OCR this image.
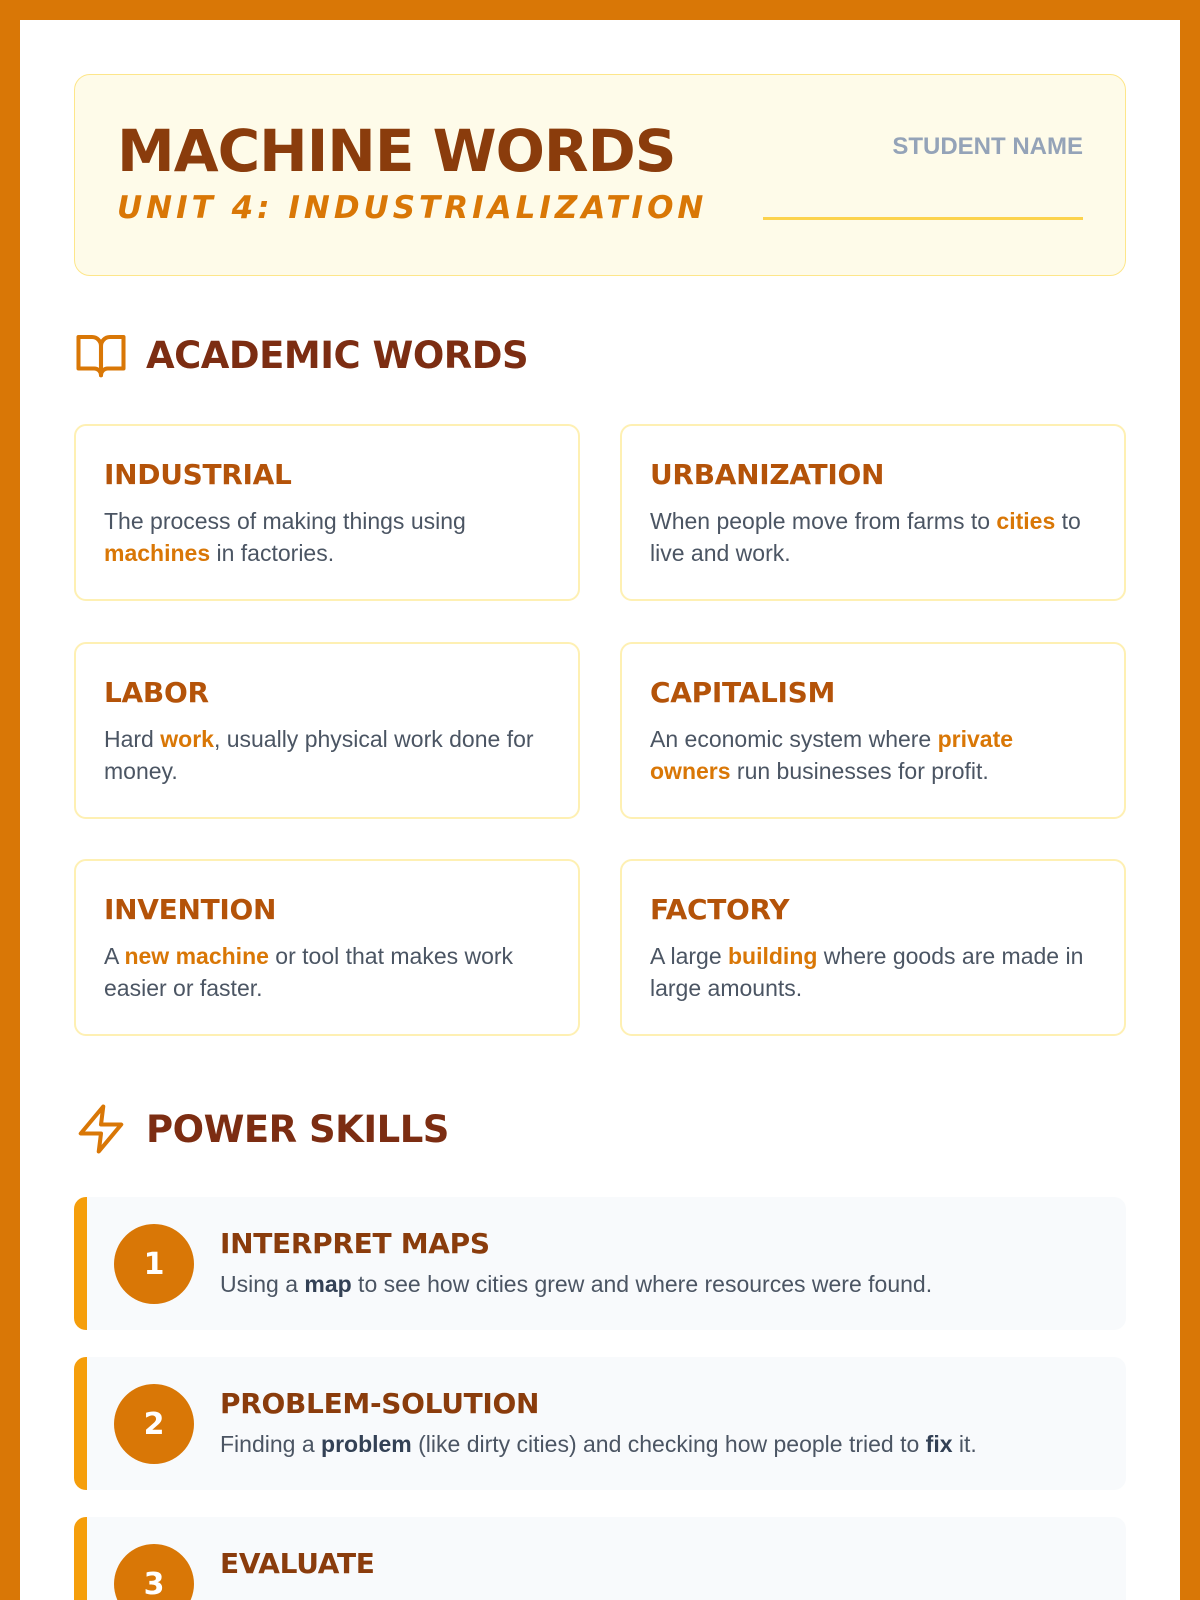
MACHINE WORDS
UNIT 4: INDUSTRIALIZATION
STUDENT NAME
ACADEMIC WORDS
INDUSTRIAL
The process of making things using machines in factories.
URBANIZATION
When people move from farms to cities to live and work.
LABOR
Hard work, usually physical work done for money.
CAPITALISM
An economic system where private owners run businesses for profit.
INVENTION
A new machine or tool that makes work easier or faster.
FACTORY
A large building where goods are made in large amounts.
POWER SKILLS
1
INTERPRET MAPS
Using a map to see how cities grew and where resources were found.
2
PROBLEM-SOLUTION
Finding a problem (like dirty cities) and checking how people tried to fix it.
3
EVALUATE
